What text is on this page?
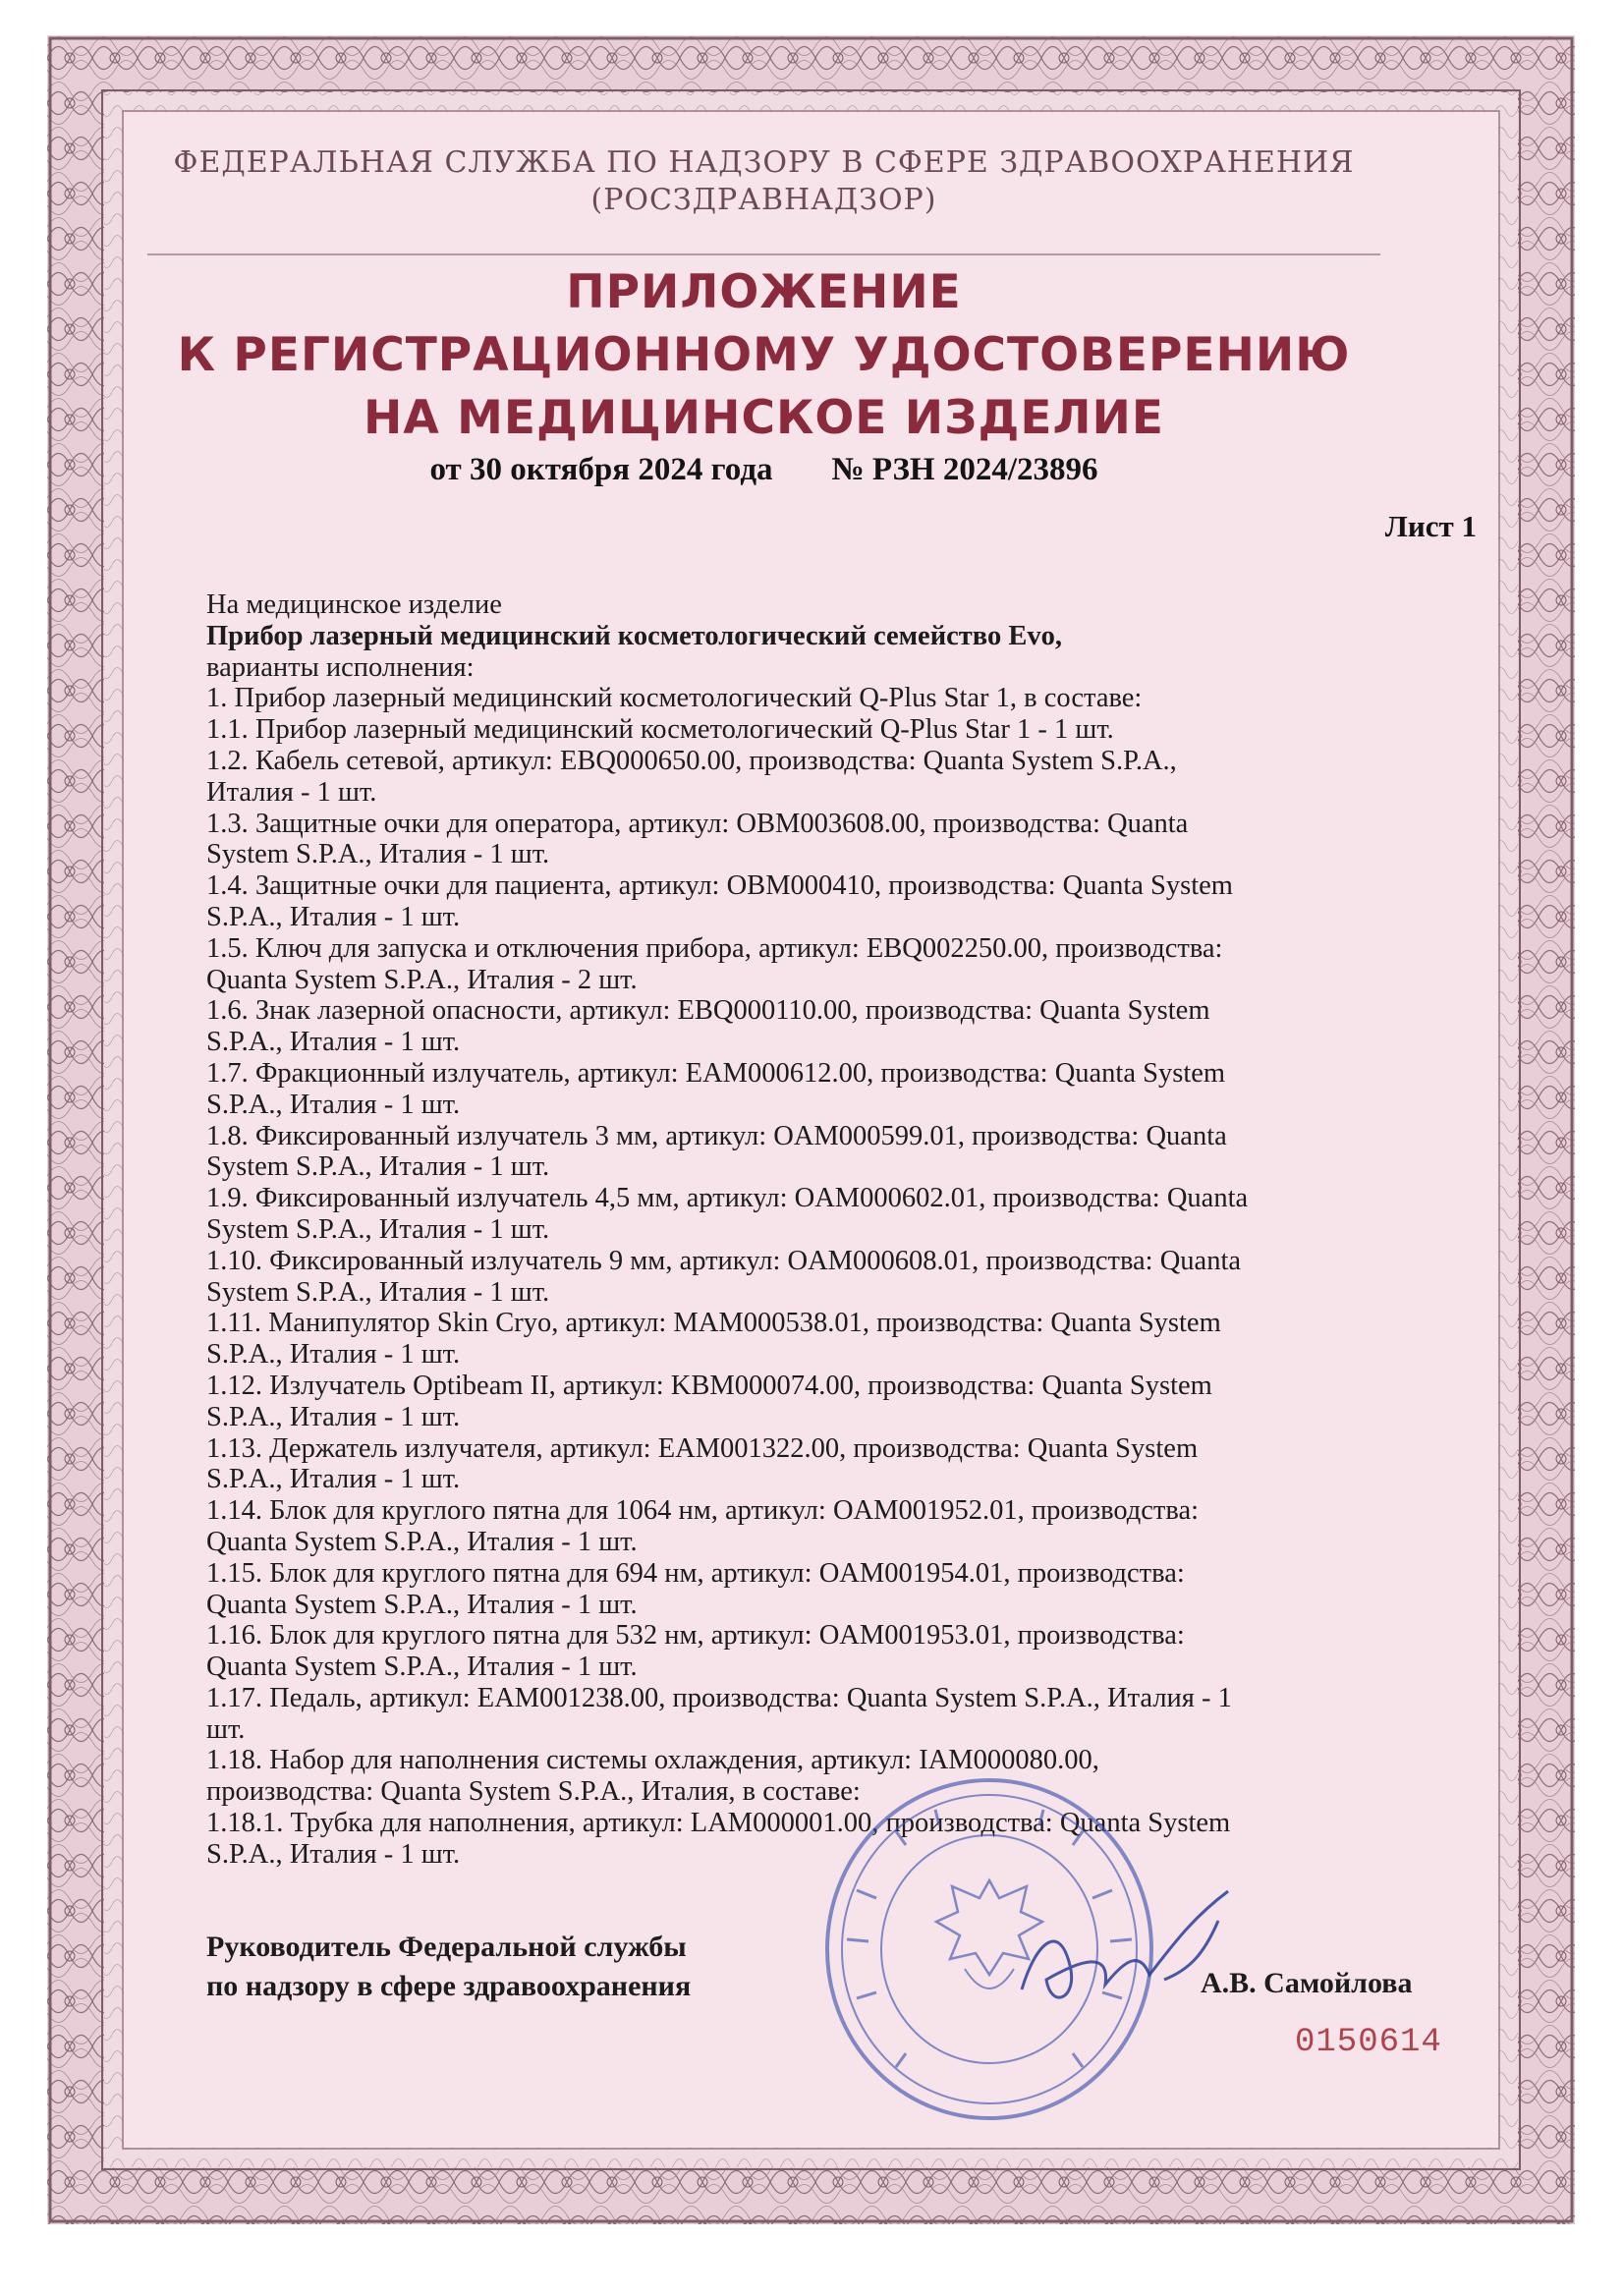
ФЕДЕРАЛЬНАЯ СЛУЖБА ПО НАДЗОРУ В СФЕРЕ ЗДРАВООХРАНЕНИЯ
(РОСЗДРАВНАДЗОР)
ПРИЛОЖЕНИЕ
К РЕГИСТРАЦИОННОМУ УДОСТОВЕРЕНИЮ
НА МЕДИЦИНСКОЕ ИЗДЕЛИЕ
от 30 октября 2024 года № РЗН 2024/23896
Лист 1

На медицинское изделие

Прибор лазерный медицинский косметологический семейство Evo,

варианты исполнения:

1. Прибор лазерный медицинский косметологический Q-Plus Star 1, в составе:

1.1. Прибор лазерный медицинский косметологический Q-Plus Star 1 - 1 шт.

1.2. Кабель сетевой, артикул: EBQ000650.00, производства: Quanta System S.P.A.,

Италия - 1 шт.

1.3. Защитные очки для оператора, артикул: OBM003608.00, производства: Quanta

System S.P.A., Италия - 1 шт.

1.4. Защитные очки для пациента, артикул: OBM000410, производства: Quanta System

S.P.A., Италия - 1 шт.

1.5. Ключ для запуска и отключения прибора, артикул: EBQ002250.00, производства:

Quanta System S.P.A., Италия - 2 шт.

1.6. Знак лазерной опасности, артикул: EBQ000110.00, производства: Quanta System

S.P.A., Италия - 1 шт.

1.7. Фракционный излучатель, артикул: EAM000612.00, производства: Quanta System

S.P.A., Италия - 1 шт.

1.8. Фиксированный излучатель 3 мм, артикул: OAM000599.01, производства: Quanta

System S.P.A., Италия - 1 шт.

1.9. Фиксированный излучатель 4,5 мм, артикул: OAM000602.01, производства: Quanta

System S.P.A., Италия - 1 шт.

1.10. Фиксированный излучатель 9 мм, артикул: OAM000608.01, производства: Quanta

System S.P.A., Италия - 1 шт.

1.11. Манипулятор Skin Cryo, артикул: MAM000538.01, производства: Quanta System

S.P.A., Италия - 1 шт.

1.12. Излучатель Optibeam II, артикул: KBM000074.00, производства: Quanta System

S.P.A., Италия - 1 шт.

1.13. Держатель излучателя, артикул: EAM001322.00, производства: Quanta System

S.P.A., Италия - 1 шт.

1.14. Блок для круглого пятна для 1064 нм, артикул: OAM001952.01, производства:

Quanta System S.P.A., Италия - 1 шт.

1.15. Блок для круглого пятна для 694 нм, артикул: OAM001954.01, производства:

Quanta System S.P.A., Италия - 1 шт.

1.16. Блок для круглого пятна для 532 нм, артикул: OAM001953.01, производства:

Quanta System S.P.A., Италия - 1 шт.

1.17. Педаль, артикул: EAM001238.00, производства: Quanta System S.P.A., Италия - 1

шт.

1.18. Набор для наполнения системы охлаждения, артикул: IAM000080.00,

производства: Quanta System S.P.A., Италия, в составе:

1.18.1. Трубка для наполнения, артикул: LAM000001.00, производства: Quanta System

S.P.A., Италия - 1 шт.

Руководитель Федеральной службы

по надзору в сфере здравоохранения	А.В. Самойлова
0150614
